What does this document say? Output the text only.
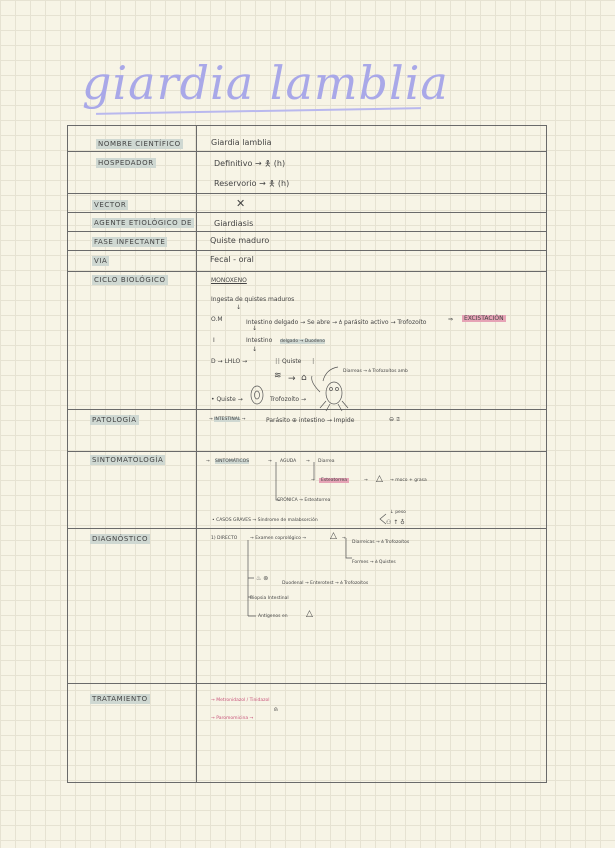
giardia lamblia
NOMBRE CIENTÍFICO	Giardia lamblia
HOSPEDADOR	Definitivo → 🯅 (h)
Reservorio → 🯅 (h)
VECTOR	✕
AGENTE ETIOLÓGICO DE	Giardiasis
FASE INFECTANTE	Quiste maduro
VIA	Fecal - oral
CICLO BIOLÓGICO	MONOXENO
Ingesta de quistes maduros
↓
O.M	Intestino delgado → Se abre → 🝅 parásito activo → Trofozoíto	⇒	EXCISTACIÓN
↓
I	Intestino delgado → Duodeno
↓
D → LHLO →	⁝⁝ Quiste ⁝
Diarreas → 🝅 Trofozoítos amb
≋ → ⌂
• Quiste →	Trofozoíto →
PATOLOGÍA	→ INTESTINAL →	Parásito ⊕ intestino → Impide	⊖ 𝔖
SINTOMATOLOGÍA	→ SINTOMÁTICOS	→ AGUDA → Diarrea
→	Esteatorrea	→ △ → moco + grasa
CRÓNICA → Esteatorrea
• CASOS GRAVES → Síndrome de malabsorción
↓ peso
⚇ ↑ ♁
DIAGNÓSTICO	1) DIRECTO	→ Examen coprológico →	△ →
Diarreicas → 🝅 Trofozoítos
Formes → 🝅 Quistes
♨ ⊚
Duodenal → Enterotest → 🝅 Trofozoítos
Biopsia Intestinal
Antígenos en △
TRATAMIENTO	→ Metronidazol / Tinidazol
→ Paromomicina →
⍝
